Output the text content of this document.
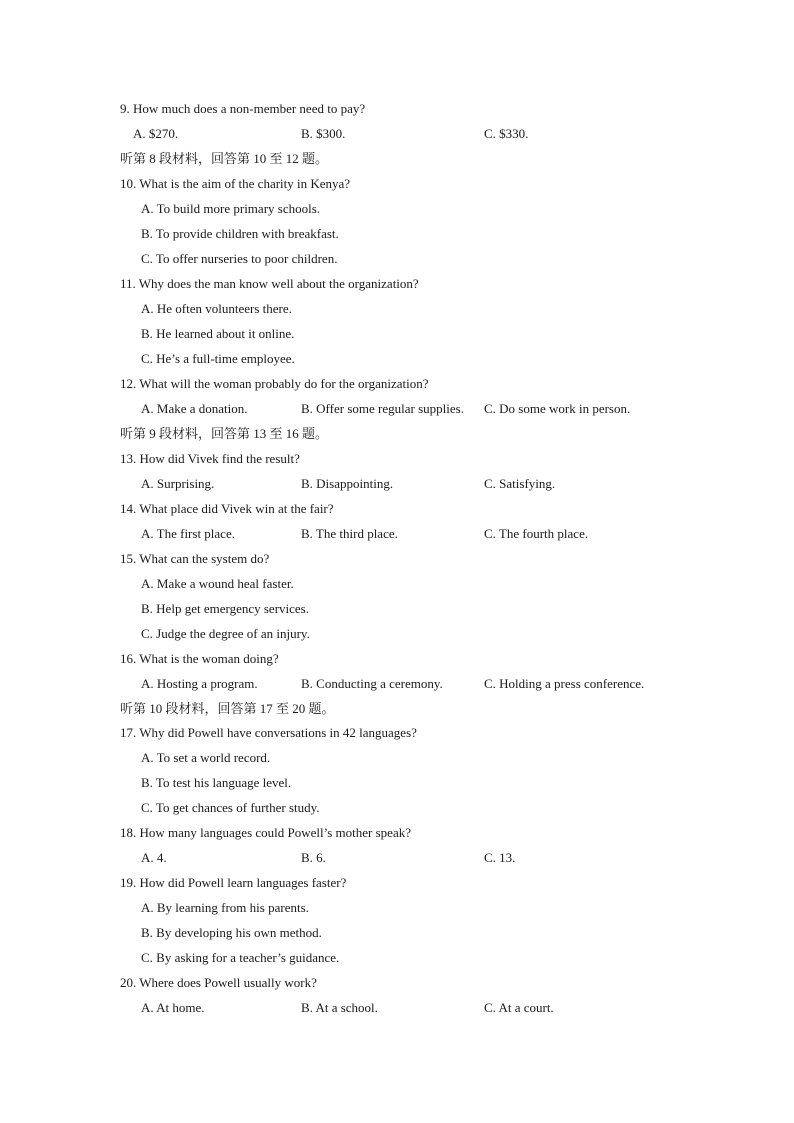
9. How much does a non-member need to pay?
A. $270.	B. $300.	C. $330.
听第 8 段材料，回答第 10 至 12 题。
10. What is the aim of the charity in Kenya?
A. To build more primary schools.
B. To provide children with breakfast.
C. To offer nurseries to poor children.
11. Why does the man know well about the organization?
A. He often volunteers there.
B. He learned about it online.
C. He’s a full-time employee.
12. What will the woman probably do for the organization?
A. Make a donation.	B. Offer some regular supplies. C. Do some work in person.
听第 9 段材料，回答第 13 至 16 题。
13. How did Vivek find the result?
A. Surprising.	B. Disappointing.	C. Satisfying.
14. What place did Vivek win at the fair?
A. The first place.	B. The third place.	C. The fourth place.
15. What can the system do?
A. Make a wound heal faster.
B. Help get emergency services.
C. Judge the degree of an injury.
16. What is the woman doing?
A. Hosting a program.	B. Conducting a ceremony.	C. Holding a press conference.
听第 10 段材料，回答第 17 至 20 题。
17. Why did Powell have conversations in 42 languages?
A. To set a world record.
B. To test his language level.
C. To get chances of further study.
18. How many languages could Powell’s mother speak?
A. 4.	B. 6.	C. 13.
19. How did Powell learn languages faster?
A. By learning from his parents.
B. By developing his own method.
C. By asking for a teacher’s guidance.
20. Where does Powell usually work?
A. At home.	B. At a school.	C. At a court.
